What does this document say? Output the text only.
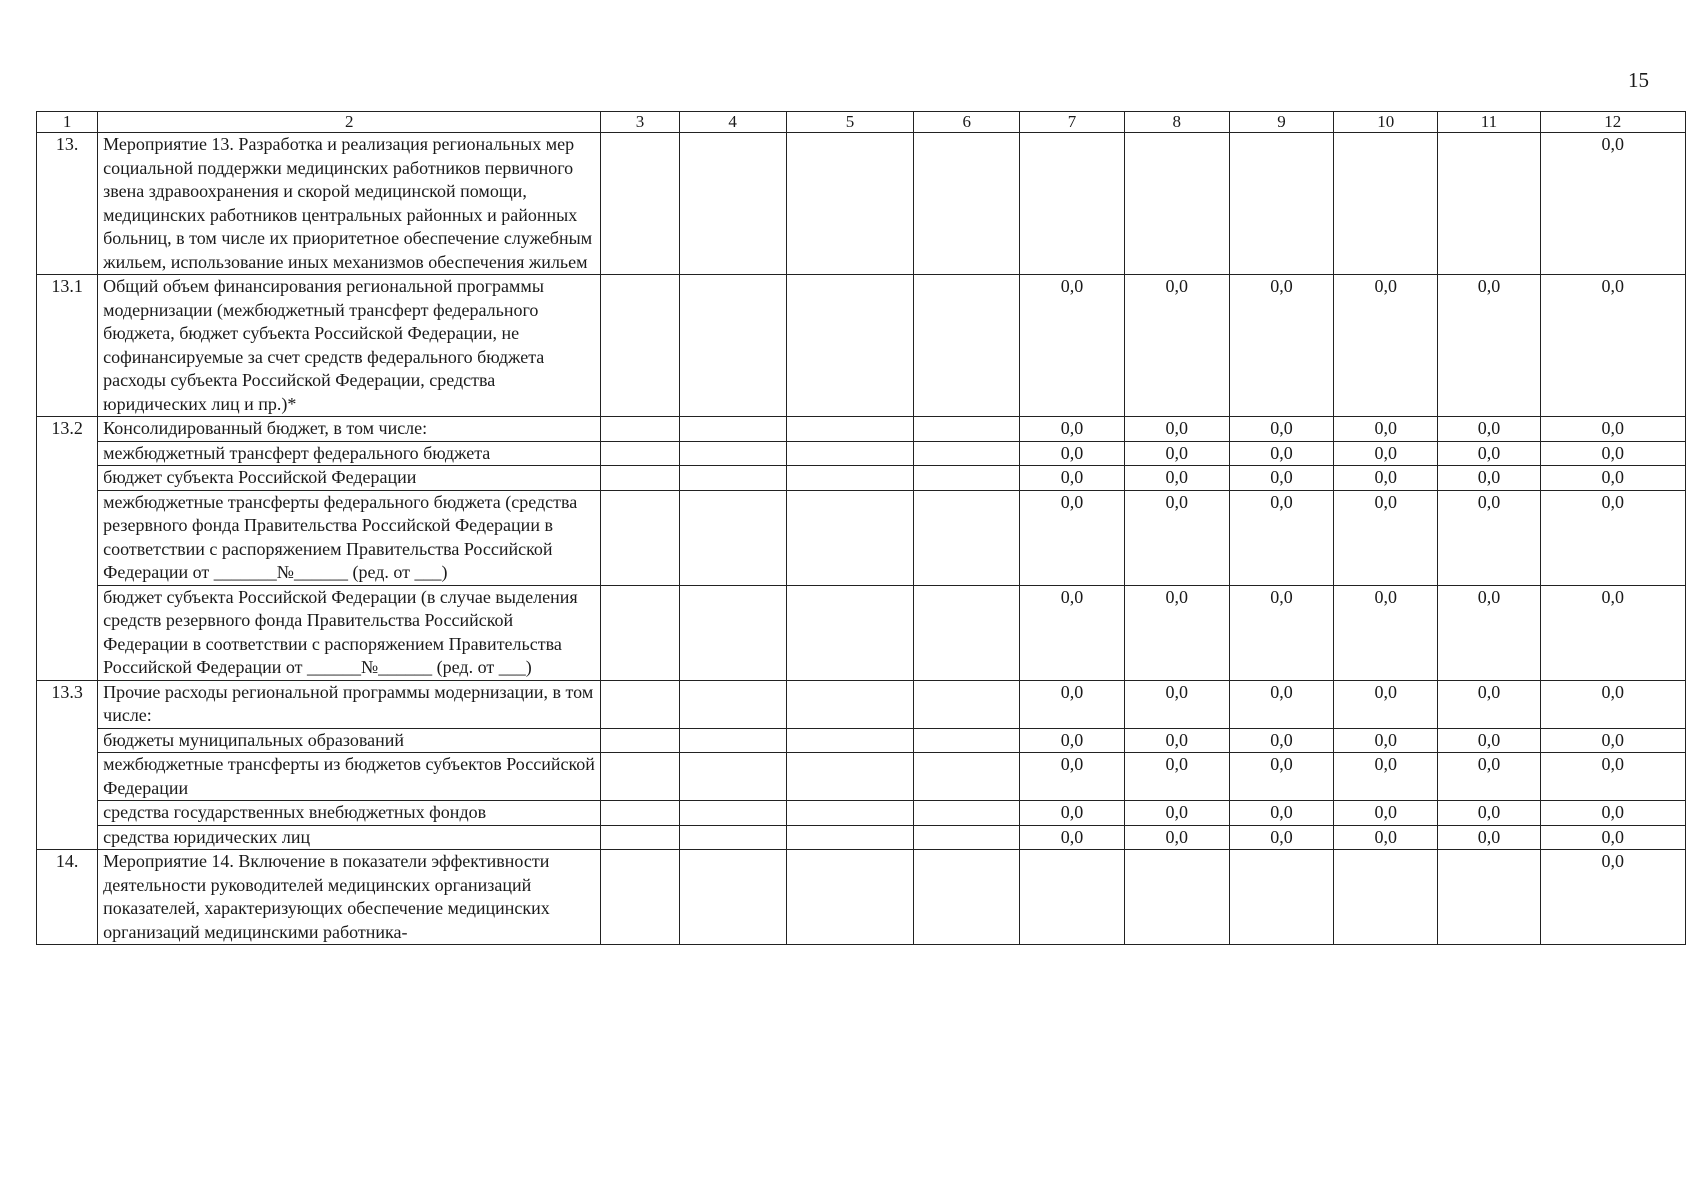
15
1	2	3	4	5	6	7	8	9	10	11	12
13.	Мероприятие 13. Разработка и реализация региональных мер социальной поддержки медицинских работников первичного звена здравоохранения и скорой медицинской помощи, медицинских работников центральных районных и районных больниц, в том числе их приоритетное обеспечение служебным жильем, использование иных механизмов обеспечения жильем										0,0
13.1	Общий объем финансирования региональной программы модернизации (межбюджетный трансферт федерального бюджета, бюджет субъекта Российской Федерации, не софинансируемые за счет средств федерального бюджета расходы субъекта Российской Федерации, средства юридических лиц и пр.)*					0,0	0,0	0,0	0,0	0,0	0,0
13.2	Консолидированный бюджет, в том числе:					0,0	0,0	0,0	0,0	0,0	0,0
	межбюджетный трансферт федерального бюджета					0,0	0,0	0,0	0,0	0,0	0,0
	бюджет субъекта Российской Федерации					0,0	0,0	0,0	0,0	0,0	0,0
	межбюджетные трансферты федерального бюджета (средства резервного фонда Правительства Российской Федерации в соответствии с распоряжением Правительства Российской Федерации от _______№______ (ред. от ___)					0,0	0,0	0,0	0,0	0,0	0,0
	бюджет субъекта Российской Федерации (в случае выделения средств резервного фонда Правительства Российской Федерации в соответствии с распоряжением Правительства Российской Федерации от ______№______ (ред. от ___)					0,0	0,0	0,0	0,0	0,0	0,0
13.3	Прочие расходы региональной программы модернизации, в том числе:					0,0	0,0	0,0	0,0	0,0	0,0
	бюджеты муниципальных образований					0,0	0,0	0,0	0,0	0,0	0,0
	межбюджетные трансферты из бюджетов субъектов Российской Федерации					0,0	0,0	0,0	0,0	0,0	0,0
	средства государственных внебюджетных фондов					0,0	0,0	0,0	0,0	0,0	0,0
	средства юридических лиц					0,0	0,0	0,0	0,0	0,0	0,0
14.	Мероприятие 14. Включение в показатели эффективности деятельности руководителей медицинских организаций показателей, характеризующих обеспечение медицинских организаций медицинскими работника-										0,0
